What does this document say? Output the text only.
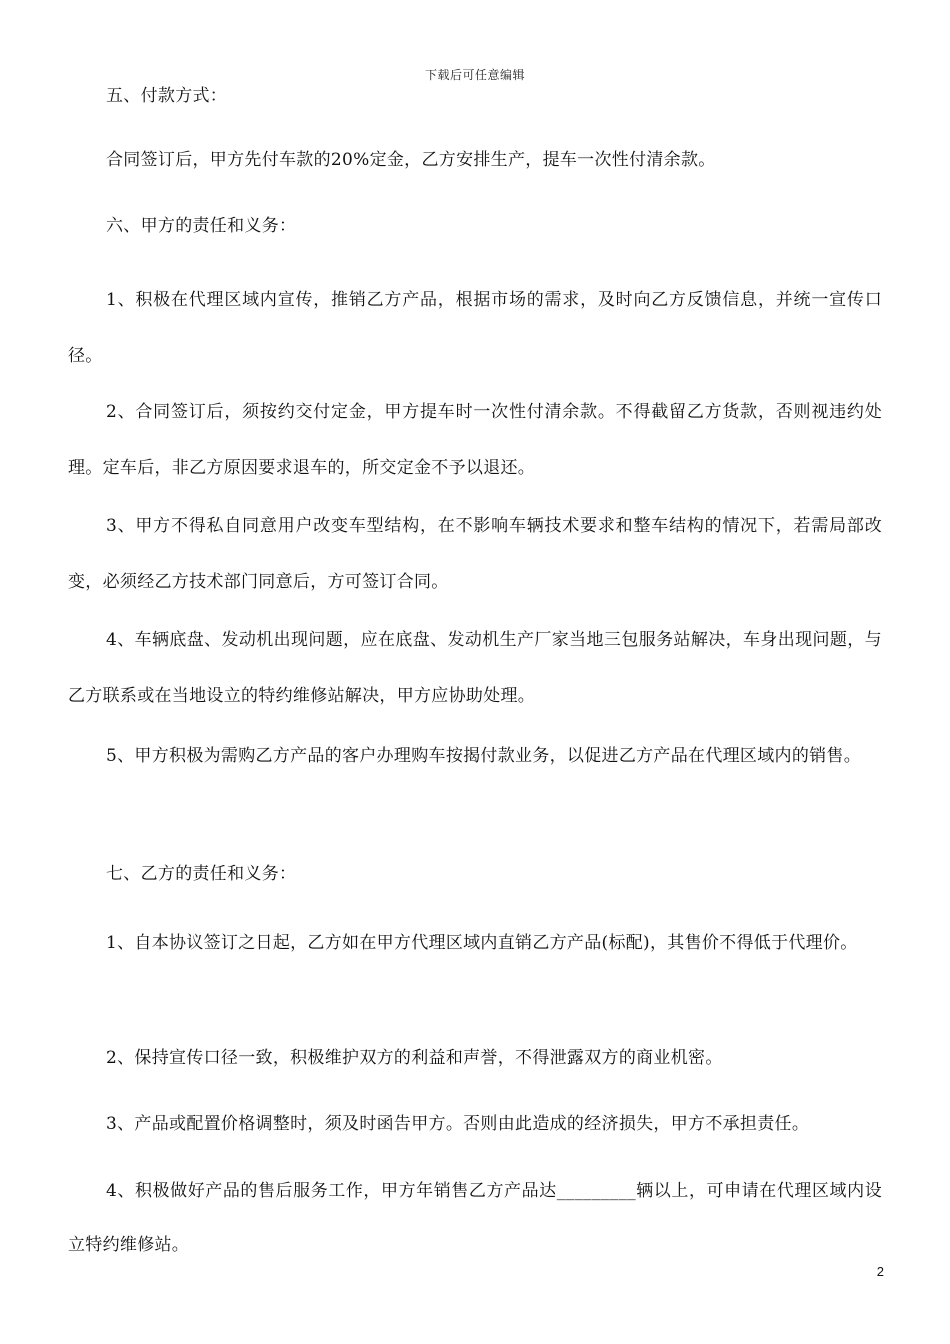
下载后可任意编辑

五、付款方式：

合同签订后，甲方先付车款的20%定金，乙方安排生产，提车一次性付清余款。

六、甲方的责任和义务：

1、积极在代理区域内宣传，推销乙方产品，根据市场的需求，及时向乙方反馈信息，并统一宣传口径。

2、合同签订后，须按约交付定金，甲方提车时一次性付清余款。不得截留乙方货款，否则视违约处理。定车后，非乙方原因要求退车的，所交定金不予以退还。

3、甲方不得私自同意用户改变车型结构，在不影响车辆技术要求和整车结构的情况下，若需局部改变，必须经乙方技术部门同意后，方可签订合同。

4、车辆底盘、发动机出现问题，应在底盘、发动机生产厂家当地三包服务站解决，车身出现问题，与乙方联系或在当地设立的特约维修站解决，甲方应协助处理。

5、甲方积极为需购乙方产品的客户办理购车按揭付款业务，以促进乙方产品在代理区域内的销售。

七、乙方的责任和义务：

1、自本协议签订之日起，乙方如在甲方代理区域内直销乙方产品(标配)，其售价不得低于代理价。

2、保持宣传口径一致，积极维护双方的利益和声誉，不得泄露双方的商业机密。

3、产品或配置价格调整时，须及时函告甲方。否则由此造成的经济损失，甲方不承担责任。

4、积极做好产品的售后服务工作，甲方年销售乙方产品达_________辆以上，可申请在代理区域内设立特约维修站。

2
